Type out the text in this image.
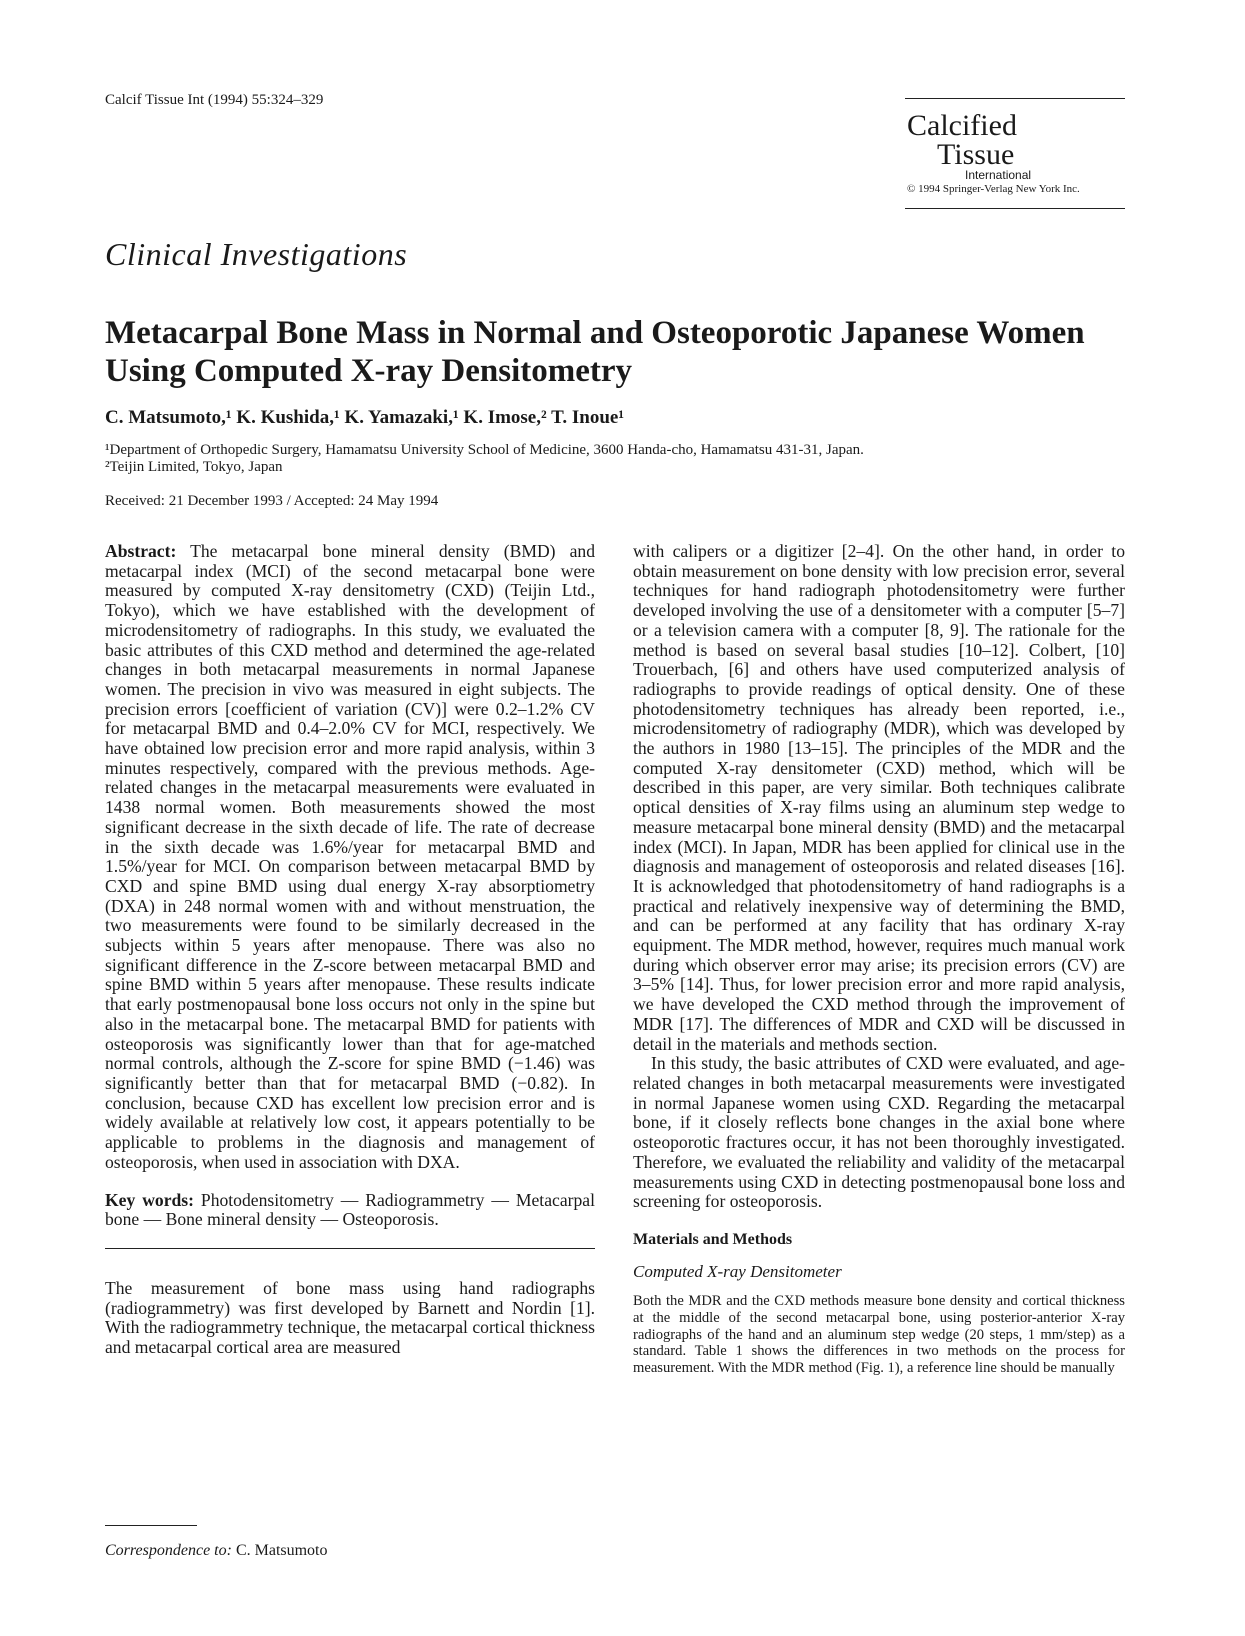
Calcif Tissue Int (1994) 55:324–329
Calcified
Tissue
International
© 1994 Springer-Verlag New York Inc.
Clinical Investigations
Metacarpal Bone Mass in Normal and Osteoporotic Japanese Women Using Computed X-ray Densitometry
C. Matsumoto,¹ K. Kushida,¹ K. Yamazaki,¹ K. Imose,² T. Inoue¹
¹Department of Orthopedic Surgery, Hamamatsu University School of Medicine, 3600 Handa-cho, Hamamatsu 431-31, Japan.
²Teijin Limited, Tokyo, Japan
Received: 21 December 1993 / Accepted: 24 May 1994

Abstract: The metacarpal bone mineral density (BMD) and metacarpal index (MCI) of the second metacarpal bone were measured by computed X-ray densitometry (CXD) (Teijin Ltd., Tokyo), which we have established with the development of microdensitometry of radiographs. In this study, we evaluated the basic attributes of this CXD method and determined the age-related changes in both metacarpal measurements in normal Japanese women. The precision in vivo was measured in eight subjects. The precision errors [coefficient of variation (CV)] were 0.2–1.2% CV for metacarpal BMD and 0.4–2.0% CV for MCI, respectively. We have obtained low precision error and more rapid analysis, within 3 minutes respectively, compared with the previous methods. Age-related changes in the metacarpal measurements were evaluated in 1438 normal women. Both measurements showed the most significant decrease in the sixth decade of life. The rate of decrease in the sixth decade was 1.6%/year for metacarpal BMD and 1.5%/year for MCI. On comparison between metacarpal BMD by CXD and spine BMD using dual energy X-ray absorptiometry (DXA) in 248 normal women with and without menstruation, the two measurements were found to be similarly decreased in the subjects within 5 years after menopause. There was also no significant difference in the Z-score between metacarpal BMD and spine BMD within 5 years after menopause. These results indicate that early postmenopausal bone loss occurs not only in the spine but also in the metacarpal bone. The metacarpal BMD for patients with osteoporosis was significantly lower than that for age-matched normal controls, although the Z-score for spine BMD (−1.46) was significantly better than that for metacarpal BMD (−0.82). In conclusion, because CXD has excellent low precision error and is widely available at relatively low cost, it appears potentially to be applicable to problems in the diagnosis and management of osteoporosis, when used in association with DXA.

Key words: Photodensitometry — Radiogrammetry — Metacarpal bone — Bone mineral density — Osteoporosis.

The measurement of bone mass using hand radiographs (radiogrammetry) was first developed by Barnett and Nordin [1]. With the radiogrammetry technique, the metacarpal cortical thickness and metacarpal cortical area are measured

Correspondence to: C. Matsumoto

with calipers or a digitizer [2–4]. On the other hand, in order to obtain measurement on bone density with low precision error, several techniques for hand radiograph photodensitometry were further developed involving the use of a densitometer with a computer [5–7] or a television camera with a computer [8, 9]. The rationale for the method is based on several basal studies [10–12]. Colbert, [10] Trouerbach, [6] and others have used computerized analysis of radiographs to provide readings of optical density. One of these photodensitometry techniques has already been reported, i.e., microdensitometry of radiography (MDR), which was developed by the authors in 1980 [13–15]. The principles of the MDR and the computed X-ray densitometer (CXD) method, which will be described in this paper, are very similar. Both techniques calibrate optical densities of X-ray films using an aluminum step wedge to measure metacarpal bone mineral density (BMD) and the metacarpal index (MCI). In Japan, MDR has been applied for clinical use in the diagnosis and management of osteoporosis and related diseases [16]. It is acknowledged that photodensitometry of hand radiographs is a practical and relatively inexpensive way of determining the BMD, and can be performed at any facility that has ordinary X-ray equipment. The MDR method, however, requires much manual work during which observer error may arise; its precision errors (CV) are 3–5% [14]. Thus, for lower precision error and more rapid analysis, we have developed the CXD method through the improvement of MDR [17]. The differences of MDR and CXD will be discussed in detail in the materials and methods section.

In this study, the basic attributes of CXD were evaluated, and age-related changes in both metacarpal measurements were investigated in normal Japanese women using CXD. Regarding the metacarpal bone, if it closely reflects bone changes in the axial bone where osteoporotic fractures occur, it has not been thoroughly investigated. Therefore, we evaluated the reliability and validity of the metacarpal measurements using CXD in detecting postmenopausal bone loss and screening for osteoporosis.

Materials and Methods

Computed X-ray Densitometer

Both the MDR and the CXD methods measure bone density and cortical thickness at the middle of the second metacarpal bone, using posterior-anterior X-ray radiographs of the hand and an aluminum step wedge (20 steps, 1 mm/step) as a standard. Table 1 shows the differences in two methods on the process for measurement. With the MDR method (Fig. 1), a reference line should be manually
